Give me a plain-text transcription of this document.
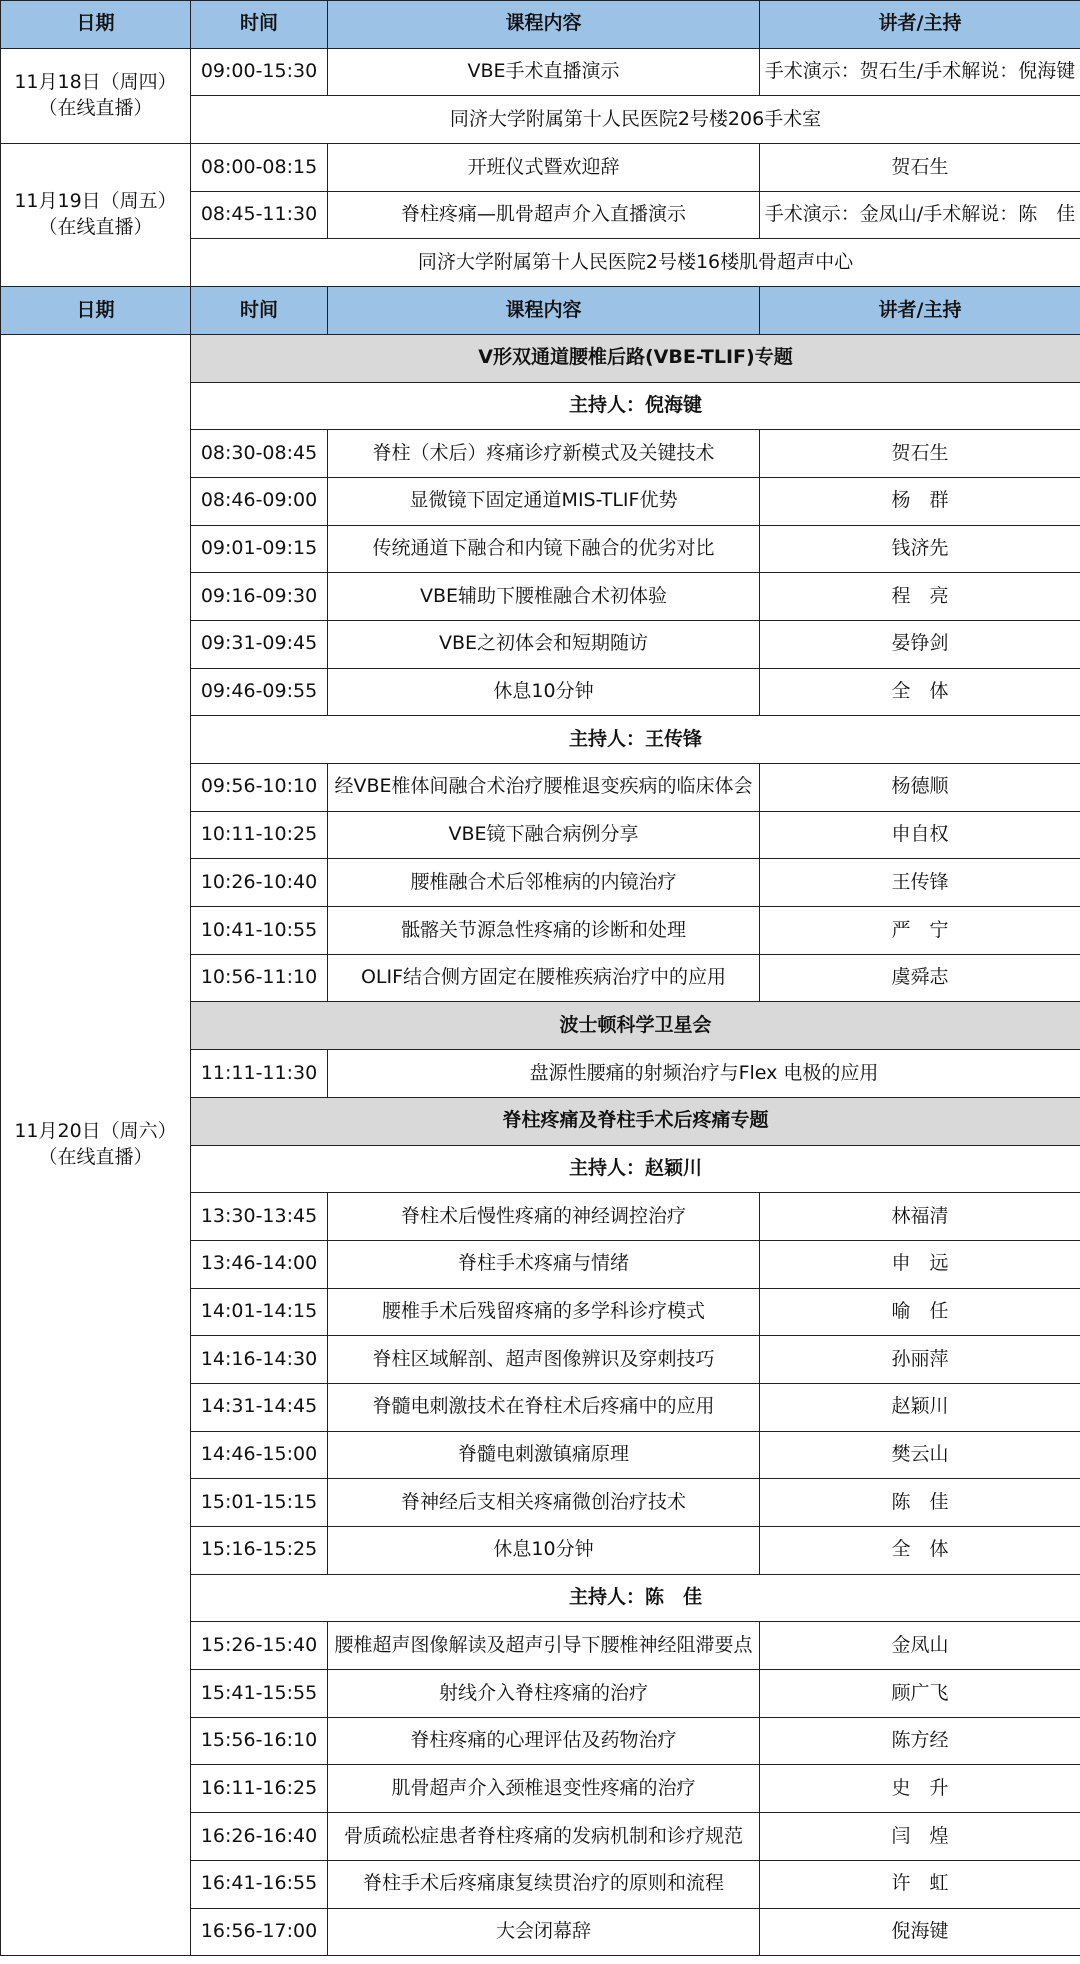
日期	时间	课程内容	讲者/主持

11月18日（周四）
（在线直播）	09:00-15:30	VBE手术直播演示	手术演示：贺石生/手术解说：倪海键
	同济大学附属第十人民医院2号楼206手术室		

11月19日（周五）
（在线直播）	08:00-08:15	开班仪式暨欢迎辞	贺石生
	08:45-11:30	脊柱疼痛—肌骨超声介入直播演示	手术演示：金凤山/手术解说：陈　佳
	同济大学附属第十人民医院2号楼16楼肌骨超声中心		
日期	时间	课程内容	讲者/主持

11月20日（周六）
（在线直播）	V形双通道腰椎后路(VBE-TLIF)专题		
	主持人：倪海键		
	08:30-08:45	脊柱（术后）疼痛诊疗新模式及关键技术	贺石生
	08:46-09:00	显微镜下固定通道MIS-TLIF优势	杨　群
	09:01-09:15	传统通道下融合和内镜下融合的优劣对比	钱济先
	09:16-09:30	VBE辅助下腰椎融合术初体验	程　亮
	09:31-09:45	VBE之初体会和短期随访	晏铮剑
	09:46-09:55	休息10分钟	全　体
	主持人：王传锋		
	09:56-10:10	经VBE椎体间融合术治疗腰椎退变疾病的临床体会	杨德顺
	10:11-10:25	VBE镜下融合病例分享	申自权
	10:26-10:40	腰椎融合术后邻椎病的内镜治疗	王传锋
	10:41-10:55	骶髂关节源急性疼痛的诊断和处理	严　宁
	10:56-11:10	OLIF结合侧方固定在腰椎疾病治疗中的应用	虞舜志
	波士顿科学卫星会		
	11:11-11:30	盘源性腰痛的射频治疗与Flex 电极的应用	
	脊柱疼痛及脊柱手术后疼痛专题		
	主持人：赵颖川		
	13:30-13:45	脊柱术后慢性疼痛的神经调控治疗	林福清
	13:46-14:00	脊柱手术疼痛与情绪	申　远
	14:01-14:15	腰椎手术后残留疼痛的多学科诊疗模式	喻　任
	14:16-14:30	脊柱区域解剖、超声图像辨识及穿刺技巧	孙丽萍
	14:31-14:45	脊髓电刺激技术在脊柱术后疼痛中的应用	赵颖川
	14:46-15:00	脊髓电刺激镇痛原理	樊云山
	15:01-15:15	脊神经后支相关疼痛微创治疗技术	陈　佳
	15:16-15:25	休息10分钟	全　体
	主持人：陈　佳		
	15:26-15:40	腰椎超声图像解读及超声引导下腰椎神经阻滞要点	金凤山
	15:41-15:55	射线介入脊柱疼痛的治疗	顾广飞
	15:56-16:10	脊柱疼痛的心理评估及药物治疗	陈方经
	16:11-16:25	肌骨超声介入颈椎退变性疼痛的治疗	史　升
	16:26-16:40	骨质疏松症患者脊柱疼痛的发病机制和诊疗规范	闫　煌
	16:41-16:55	脊柱手术后疼痛康复续贯治疗的原则和流程	许　虹
	16:56-17:00	大会闭幕辞	倪海键
